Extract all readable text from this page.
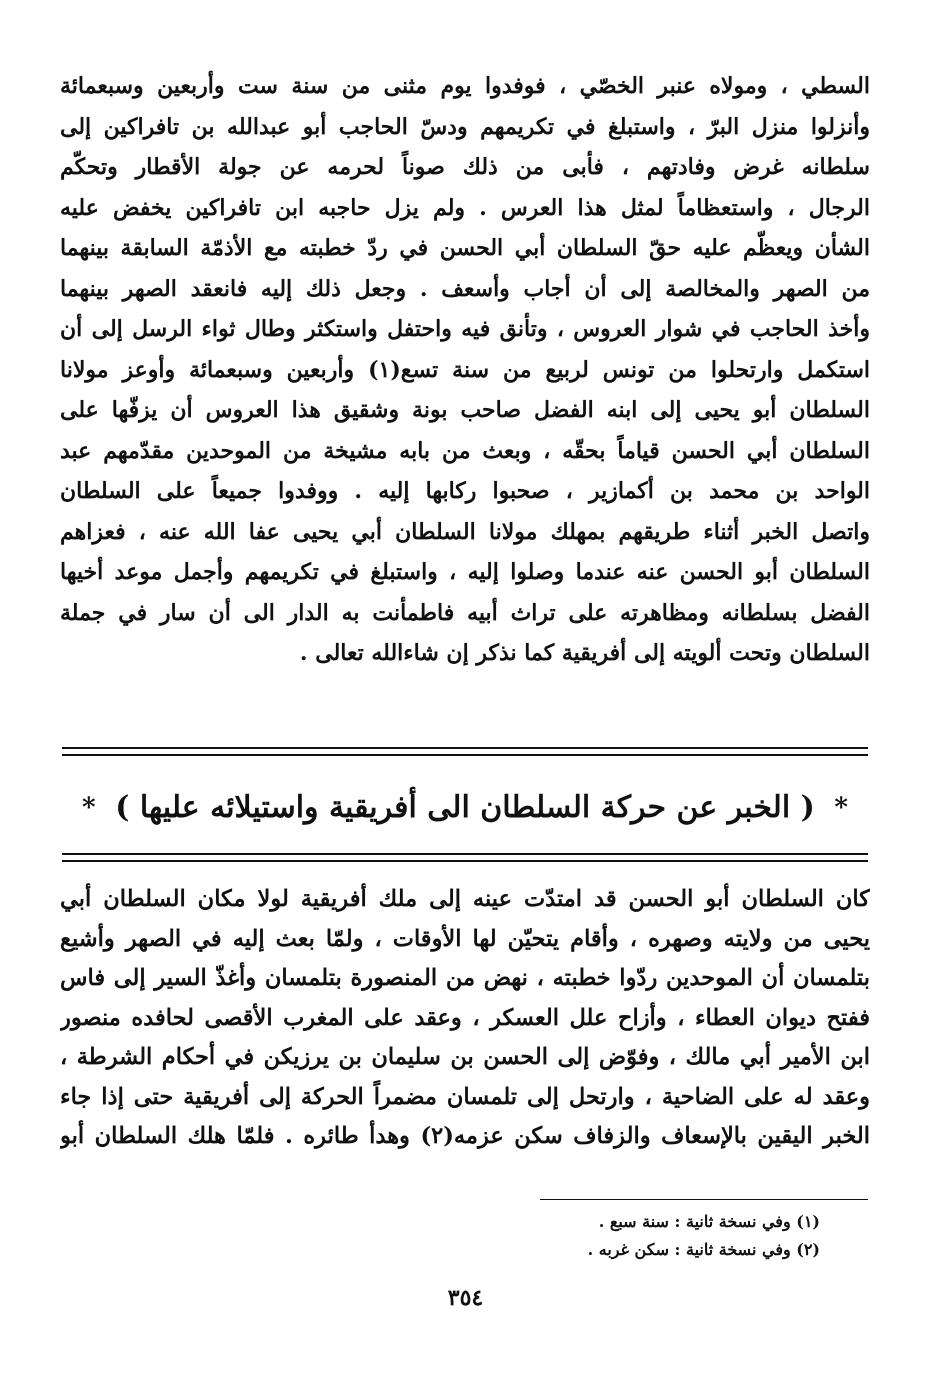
السطي ، ومولاه عنبر الخصّي ، فوفدوا يوم مثنى من سنة ست وأربعين وسبعمائة
وأنزلوا منزل البرّ ، واستبلغ في تكريمهم ودسّ الحاجب أبو عبدالله بن تافراكين إلى
سلطانه غرض وفادتهم ، فأبى من ذلك صوناً لحرمه عن جولة الأقطار وتحكّم
الرجال ، واستعظاماً لمثل هذا العرس . ولم يزل حاجبه ابن تافراكين يخفض عليه
الشأن ويعظّم عليه حقّ السلطان أبي الحسن في ردّ خطبته مع الأذمّة السابقة بينهما
من الصهر والمخالصة إلى أن أجاب وأسعف . وجعل ذلك إليه فانعقد الصهر بينهما
وأخذ الحاجب في شوار العروس ، وتأنق فيه واحتفل واستكثر وطال ثواء الرسل إلى أن
استكمل وارتحلوا من تونس لربيع من سنة تسع(١) وأربعين وسبعمائة وأوعز مولانا
السلطان أبو يحيى إلى ابنه الفضل صاحب بونة وشقيق هذا العروس أن يزفّها على
السلطان أبي الحسن قياماً بحقّه ، وبعث من بابه مشيخة من الموحدين مقدّمهم عبد
الواحد بن محمد بن أكمازير ، صحبوا ركابها إليه . ووفدوا جميعاً على السلطان
واتصل الخبر أثناء طريقهم بمهلك مولانا السلطان أبي يحيى عفا الله عنه ، فعزاهم
السلطان أبو الحسن عنه عندما وصلوا إليه ، واستبلغ في تكريمهم وأجمل موعد أخيها
الفضل بسلطانه ومظاهرته على تراث أبيه فاطمأنت به الدار الى أن سار في جملة
السلطان وتحت ألويته إلى أفريقية كما نذكر إن شاءالله تعالى .
*
( الخبر عن حركة السلطان الى أفريقية واستيلائه عليها )
*
كان السلطان أبو الحسن قد امتدّت عينه إلى ملك أفريقية لولا مكان السلطان أبي
يحيى من ولايته وصهره ، وأقام يتحيّن لها الأوقات ، ولمّا بعث إليه في الصهر وأشيع
بتلمسان أن الموحدين ردّوا خطبته ، نهض من المنصورة بتلمسان وأغذّ السير إلى فاس
ففتح ديوان العطاء ، وأزاح علل العسكر ، وعقد على المغرب الأقصى لحافده منصور
ابن الأمير أبي مالك ، وفوّض إلى الحسن بن سليمان بن يرزيكن في أحكام الشرطة ،
وعقد له على الضاحية ، وارتحل إلى تلمسان مضمراً الحركة إلى أفريقية حتى إذا جاء
الخبر اليقين بالإسعاف والزفاف سكن عزمه(٢) وهدأ طائره . فلمّا هلك السلطان أبو
(١) وفي نسخة ثانية : سنة سبع .
(٢) وفي نسخة ثانية : سكن غربه .
٣٥٤
